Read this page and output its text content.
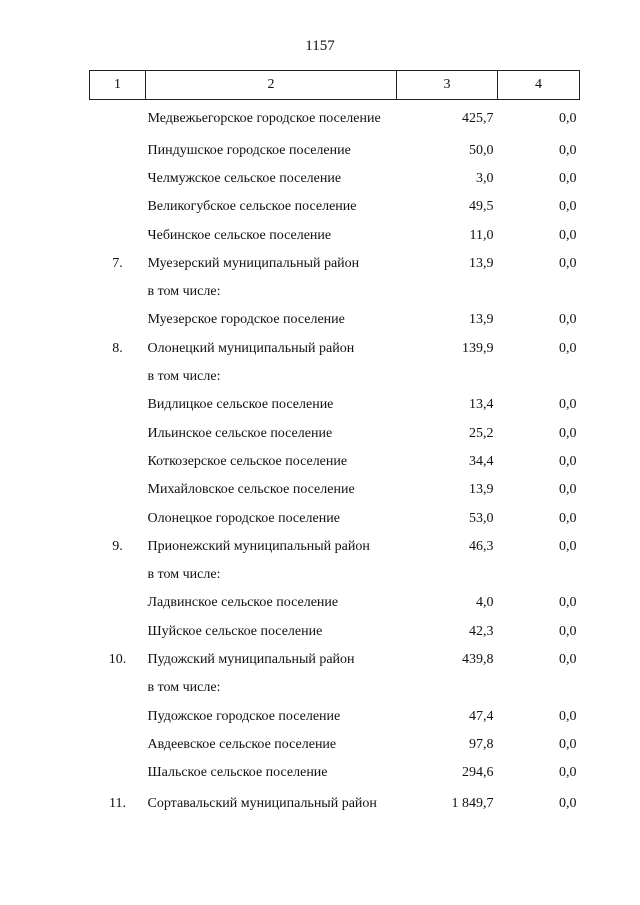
1157
1	2	3	4
	Медвежьегорское городское поселение	425,7	0,0
	Пиндушское городское поселение	50,0	0,0
	Челмужское сельское поселение	3,0	0,0
	Великогубское сельское поселение	49,5	0,0
	Чебинское сельское поселение	11,0	0,0
7.	Муезерский муниципальный район	13,9	0,0
	в том числе:		
	Муезерское городское поселение	13,9	0,0
8.	Олонецкий муниципальный район	139,9	0,0
	в том числе:		
	Видлицкое сельское поселение	13,4	0,0
	Ильинское сельское поселение	25,2	0,0
	Коткозерское сельское поселение	34,4	0,0
	Михайловское сельское поселение	13,9	0,0
	Олонецкое городское поселение	53,0	0,0
9.	Прионежский муниципальный район	46,3	0,0
	в том числе:		
	Ладвинское сельское поселение	4,0	0,0
	Шуйское сельское поселение	42,3	0,0
10.	Пудожский муниципальный район	439,8	0,0
	в том числе:		
	Пудожское городское поселение	47,4	0,0
	Авдеевское сельское поселение	97,8	0,0
	Шальское сельское поселение	294,6	0,0
11.	Сортавальский муниципальный район	1 849,7	0,0
